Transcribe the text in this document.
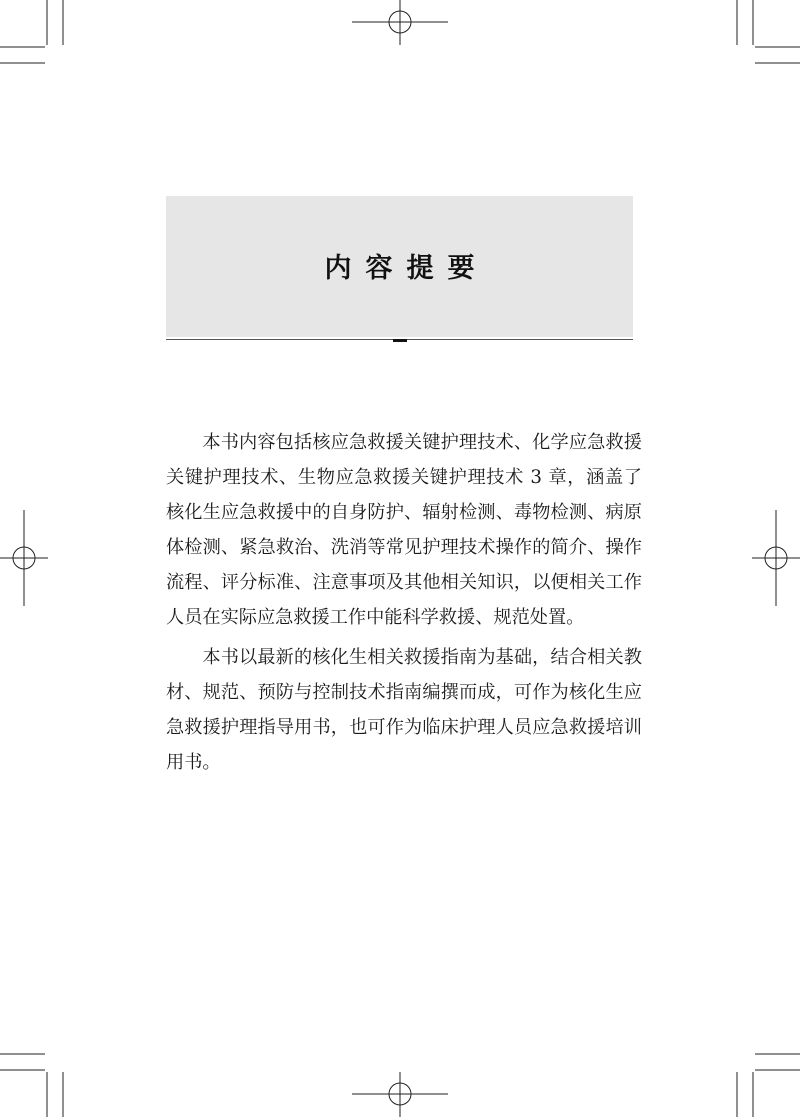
内容提要

本书内容包括核应急救援关键护理技术、化学应急救援关键护理技术、生物应急救援关键护理技术 3 章，涵盖了核化生应急救援中的自身防护、辐射检测、毒物检测、病原体检测、紧急救治、洗消等常见护理技术操作的简介、操作流程、评分标准、注意事项及其他相关知识，以便相关工作人员在实际应急救援工作中能科学救援、规范处置。

本书以最新的核化生相关救援指南为基础，结合相关教材、规范、预防与控制技术指南编撰而成，可作为核化生应急救援护理指导用书，也可作为临床护理人员应急救援培训用书。
